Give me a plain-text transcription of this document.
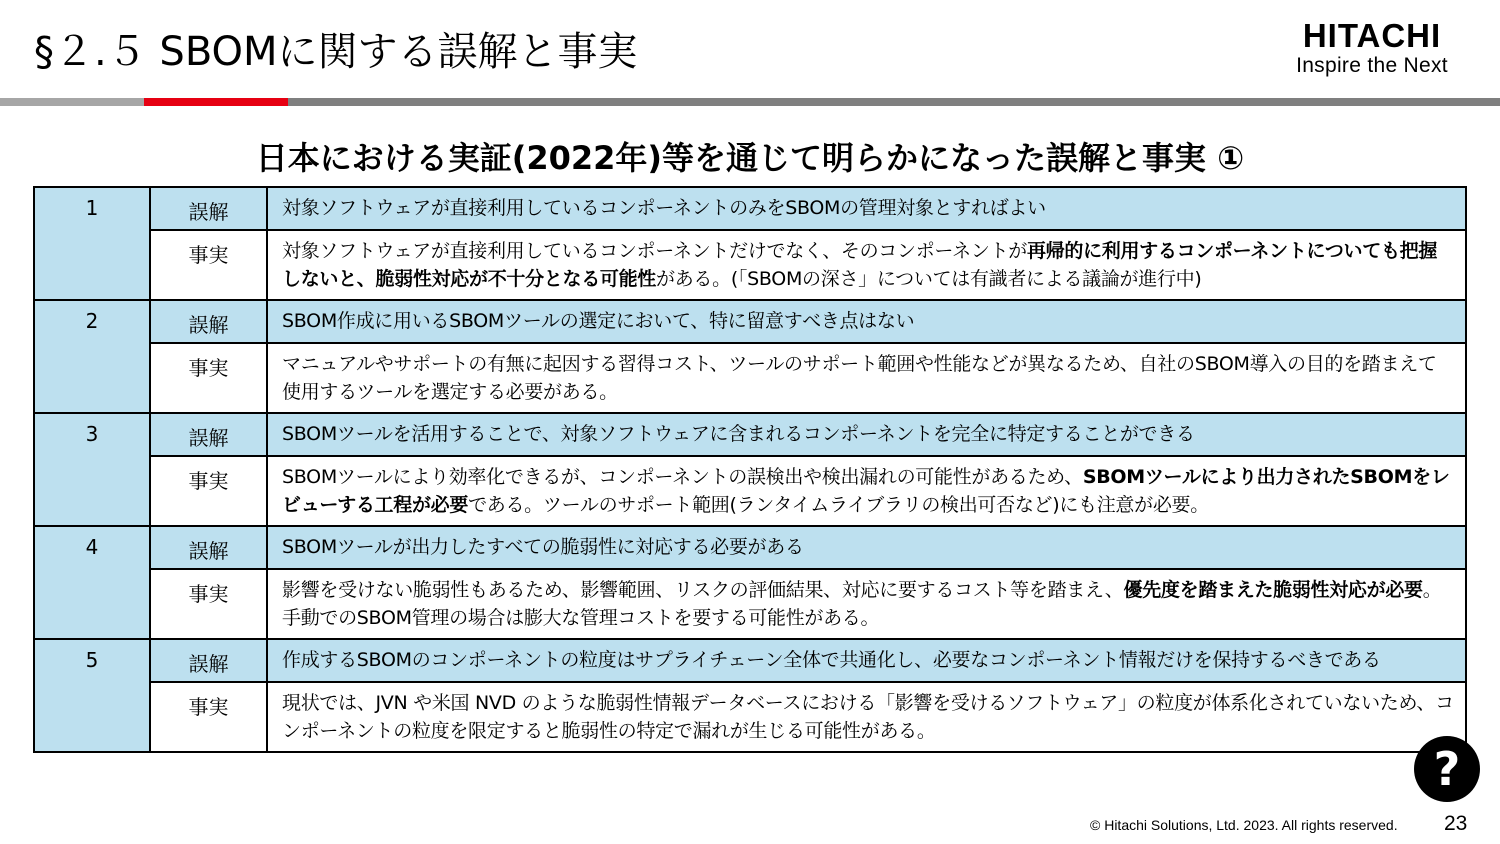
§２.５ SBOMに関する誤解と事実	HITACHI
Inspire the Next
日本における実証(2022年)等を通じて明らかになった誤解と事実 ①
1	誤解	対象ソフトウェアが直接利用しているコンポーネントのみをSBOMの管理対象とすればよい
	事実	対象ソフトウェアが直接利用しているコンポーネントだけでなく、そのコンポーネントが再帰的に利用するコンポーネントについても把握しないと、脆弱性対応が不十分となる可能性がある。(「SBOMの深さ」については有識者による議論が進行中)
2	誤解	SBOM作成に用いるSBOMツールの選定において、特に留意すべき点はない
	事実	マニュアルやサポートの有無に起因する習得コスト、ツールのサポート範囲や性能などが異なるため、自社のSBOM導入の目的を踏まえて使用するツールを選定する必要がある。
3	誤解	SBOMツールを活用することで、対象ソフトウェアに含まれるコンポーネントを完全に特定することができる
	事実	SBOMツールにより効率化できるが、コンポーネントの誤検出や検出漏れの可能性があるため、SBOMツールにより出力されたSBOMをレビューする工程が必要である。ツールのサポート範囲(ランタイムライブラリの検出可否など)にも注意が必要。
4	誤解	SBOMツールが出力したすべての脆弱性に対応する必要がある
	事実	影響を受けない脆弱性もあるため、影響範囲、リスクの評価結果、対応に要するコスト等を踏まえ、優先度を踏まえた脆弱性対応が必要。手動でのSBOM管理の場合は膨大な管理コストを要する可能性がある。
5	誤解	作成するSBOMのコンポーネントの粒度はサプライチェーン全体で共通化し、必要なコンポーネント情報だけを保持するべきである
	事実	現状では、JVN や米国 NVD のような脆弱性情報データベースにおける「影響を受けるソフトウェア」の粒度が体系化されていないため、コンポーネントの粒度を限定すると脆弱性の特定で漏れが生じる可能性がある。
?
© Hitachi Solutions, Ltd. 2023. All rights reserved. 23
